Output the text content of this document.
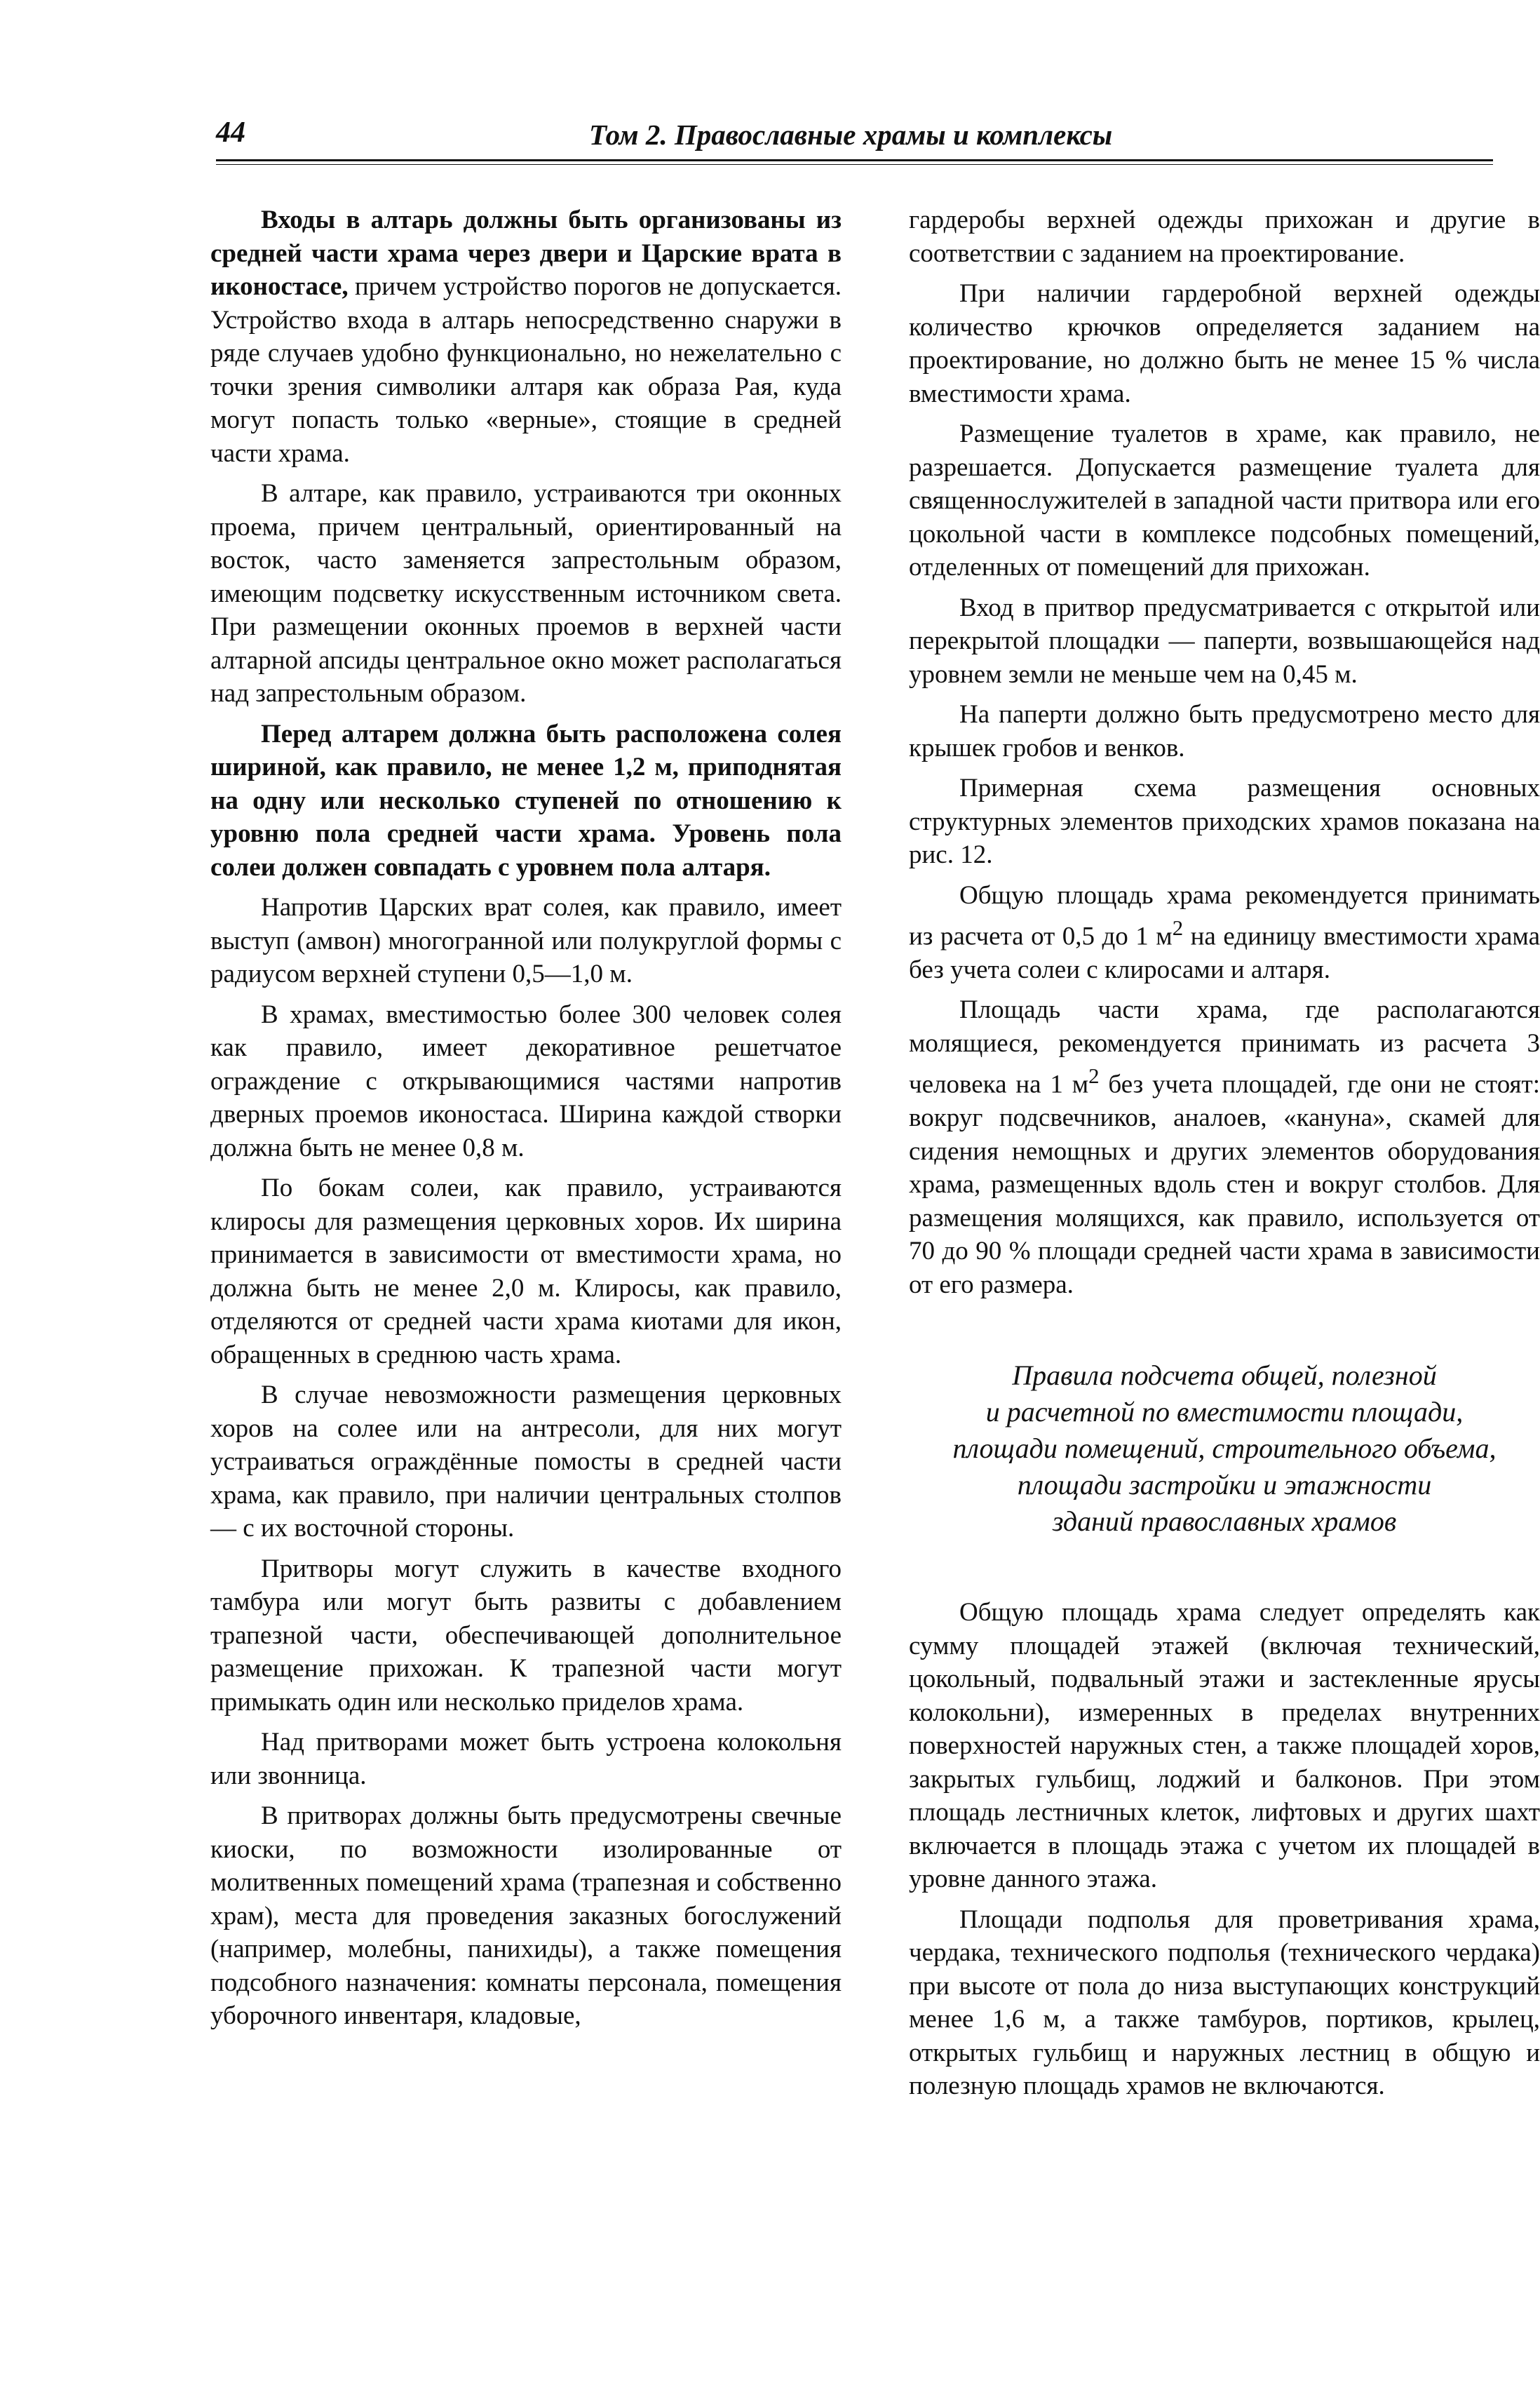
44	Том 2. Православные храмы и комплексы

Входы в алтарь должны быть организованы из средней части храма через двери и Царские врата в иконостасе, причем устройство порогов не допускается. Устройство входа в алтарь непосредственно снаружи в ряде случаев удобно функционально, но нежелательно с точки зрения символики алтаря как образа Рая, куда могут попасть только «верные», стоящие в средней части храма.

В алтаре, как правило, устраиваются три оконных проема, причем центральный, ориентированный на восток, часто заменяется запрестольным образом, имеющим подсветку искусственным источником света. При размещении оконных проемов в верхней части алтарной апсиды центральное окно может располагаться над запрестольным образом.

Перед алтарем должна быть расположена солея шириной, как правило, не менее 1,2 м, приподнятая на одну или несколько ступеней по отношению к уровню пола средней части храма. Уровень пола солеи должен совпадать с уровнем пола алтаря.

Напротив Царских врат солея, как правило, имеет выступ (амвон) многогранной или полукруглой формы с радиусом верхней ступени 0,5—1,0 м.

В храмах, вместимостью более 300 человек солея как правило, имеет декоративное решетчатое ограждение с открывающимися частями напротив дверных проемов иконостаса. Ширина каждой створки должна быть не менее 0,8 м.

По бокам солеи, как правило, устраиваются клиросы для размещения церковных хоров. Их ширина принимается в зависимости от вместимости храма, но должна быть не менее 2,0 м. Клиросы, как правило, отделяются от средней части храма киотами для икон, обращенных в среднюю часть храма.

В случае невозможности размещения церковных хоров на солее или на антресоли, для них могут устраиваться ограждённые помосты в средней части храма, как правило, при наличии центральных столпов — с их восточной стороны.

Притворы могут служить в качестве входного тамбура или могут быть развиты с добавлением трапезной части, обеспечивающей дополнительное размещение прихожан. К трапезной части могут примыкать один или несколько приделов храма.

Над притворами может быть устроена колокольня или звонница.

В притворах должны быть предусмотрены свечные киоски, по возможности изолированные от молитвенных помещений храма (трапезная и собственно храм), места для проведения заказных богослужений (например, молебны, панихиды), а также помещения подсобного назначения: комнаты персонала, помещения уборочного инвентаря, кладовые,

гардеробы верхней одежды прихожан и другие в соответствии с заданием на проектирование.

При наличии гардеробной верхней одежды количество крючков определяется заданием на проектирование, но должно быть не менее 15 % числа вместимости храма.

Размещение туалетов в храме, как правило, не разрешается. Допускается размещение туалета для священнослужителей в западной части притвора или его цокольной части в комплексе подсобных помещений, отделенных от помещений для прихожан.

Вход в притвор предусматривается с открытой или перекрытой площадки — паперти, возвышающейся над уровнем земли не меньше чем на 0,45 м.

На паперти должно быть предусмотрено место для крышек гробов и венков.

Примерная схема размещения основных структурных элементов приходских храмов показана на рис. 12.

Общую площадь храма рекомендуется принимать из расчета от 0,5 до 1 $м^2$ на единицу вместимости храма без учета солеи с клиросами и алтаря.

Площадь части храма, где располагаются молящиеся, рекомендуется принимать из расчета 3 человека на 1 $м^2$ без учета площадей, где они не стоят: вокруг подсвечников, аналоев, «кануна», скамей для сидения немощных и других элементов оборудования храма, размещенных вдоль стен и вокруг столбов. Для размещения молящихся, как правило, используется от 70 до 90 % площади средней части храма в зависимости от его размера.

Правила подсчета общей, полезной
и расчетной по вместимости площади,
площади помещений, строительного объема,
площади застройки и этажности
зданий православных храмов

Общую площадь храма следует определять как сумму площадей этажей (включая технический, цокольный, подвальный этажи и застекленные ярусы колокольни), измеренных в пределах внутренних поверхностей наружных стен, а также площадей хоров, закрытых гульбищ, лоджий и балконов. При этом площадь лестничных клеток, лифтовых и других шахт включается в площадь этажа с учетом их площадей в уровне данного этажа.

Площади подполья для проветривания храма, чердака, технического подполья (технического чердака) при высоте от пола до низа выступающих конструкций менее 1,6 м, а также тамбуров, портиков, крылец, открытых гульбищ и наружных лестниц в общую и полезную площадь храмов не включаются.
